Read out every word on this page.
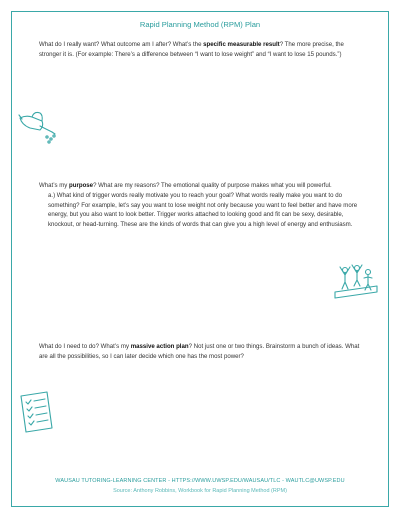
Rapid Planning Method (RPM) Plan
What do I really want? What outcome am I after? What’s the specific measurable result? The more precise, the stronger it is. (For example: There’s a difference between “I want to lose weight” and “I want to lose 15 pounds.”)
What’s my purpose? What are my reasons? The emotional quality of purpose makes what you will powerful.
a.) What kind of trigger words really motivate you to reach your goal? What words really make you want to do something? For example, let’s say you want to lose weight not only because you want to feel better and have more energy, but you also want to look better. Trigger works attached to looking good and fit can be sexy, desirable, knockout, or head-turning. These are the kinds of words that can give you a high level of energy and enthusiasm.
What do I need to do? What’s my massive action plan? Not just one or two things. Brainstorm a bunch of ideas. What are all the possibilities, so I can later decide which one has the most power?
WAUSAU TUTORING-LEARNING CENTER - HTTPS://WWW.UWSP.EDU/WAUSAU/TLC - WAUTLC@UWSP.EDU
Source: Anthony Robbins, Workbook for Rapid Planning Method (RPM)
